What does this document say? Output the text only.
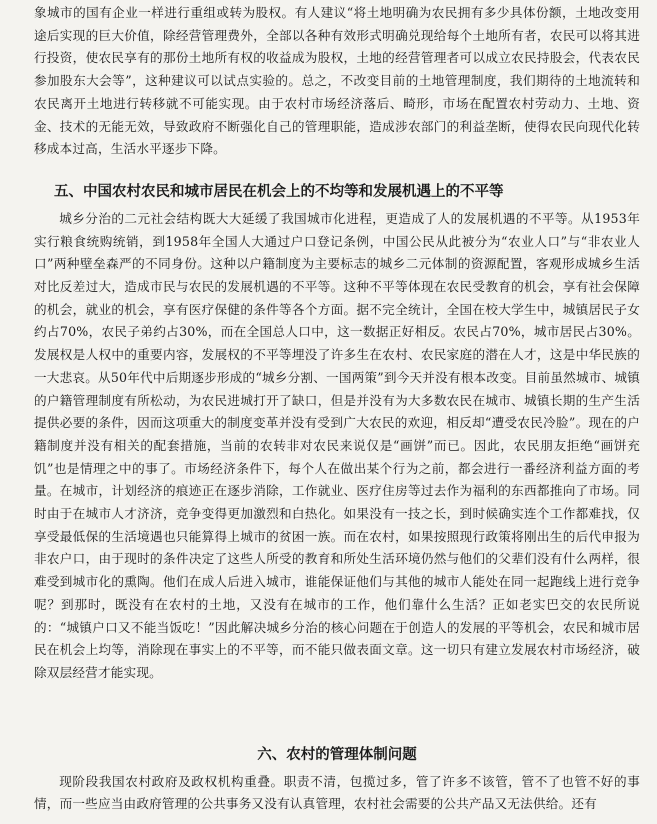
象城市的国有企业一样进行重组或转为股权。有人建议“将土地明确为农民拥有多少具体份额，土地改变用途后实现的巨大价值，除经营管理费外，全部以各种有效形式明确兑现给每个土地所有者，农民可以将其进行投资，使农民享有的那份土地所有权的收益成为股权，土地的经营管理者可以成立农民持股会，代表农民参加股东大会等”，这种建议可以试点实验的。总之，不改变目前的土地管理制度，我们期待的土地流转和农民离开土地进行转移就不可能实现。由于农村市场经济落后、畸形，市场在配置农村劳动力、土地、资金、技术的无能无效，导致政府不断强化自己的管理职能，造成涉农部门的利益垄断，使得农民向现代化转移成本过高，生活水平逐步下降。

五、中国农村农民和城市居民在机会上的不均等和发展机遇上的不平等

城乡分治的二元社会结构既大大延缓了我国城市化进程，更造成了人的发展机遇的不平等。从1953年实行粮食统购统销，到1958年全国人大通过户口登记条例，中国公民从此被分为“农业人口”与“非农业人口”两种壁垒森严的不同身份。这种以户籍制度为主要标志的城乡二元体制的资源配置，客观形成城乡生活对比反差过大，造成市民与农民的发展机遇的不平等。这种不平等体现在农民受教育的机会，享有社会保障的机会，就业的机会，享有医疗保健的条件等各个方面。据不完全统计，全国在校大学生中，城镇居民子女约占70%，农民子弟约占30%，而在全国总人口中，这一数据正好相反。农民占70%，城市居民占30%。发展权是人权中的重要内容，发展权的不平等埋没了许多生在农村、农民家庭的潜在人才，这是中华民族的一大悲哀。从50年代中后期逐步形成的“城乡分割、一国两策”到今天并没有根本改变。目前虽然城市、城镇的户籍管理制度有所松动，为农民进城打开了缺口，但是并没有为大多数农民在城市、城镇长期的生产生活提供必要的条件，因而这项重大的制度变革并没有受到广大农民的欢迎，相反却“遭受农民冷脸”。现在的户籍制度并没有相关的配套措施，当前的农转非对农民来说仅是“画饼”而已。因此，农民朋友拒绝“画饼充饥”也是情理之中的事了。市场经济条件下，每个人在做出某个行为之前，都会进行一番经济利益方面的考量。在城市，计划经济的痕迹正在逐步消除，工作就业、医疗住房等过去作为福利的东西都推向了市场。同时由于在城市人才济济，竞争变得更加激烈和白热化。如果没有一技之长，到时候确实连个工作都难找，仅享受最低保的生活境遇也只能算得上城市的贫困一族。而在农村，如果按照现行政策将刚出生的后代申报为非农户口，由于现时的条件决定了这些人所受的教育和所处生活环境仍然与他们的父辈们没有什么两样，很难受到城市化的熏陶。他们在成人后进入城市，谁能保证他们与其他的城市人能处在同一起跑线上进行竞争呢？到那时，既没有在农村的土地，又没有在城市的工作，他们靠什么生活？正如老实巴交的农民所说的：“城镇户口又不能当饭吃！”因此解决城乡分治的核心问题在于创造人的发展的平等机会，农民和城市居民在机会上均等，消除现在事实上的不平等，而不能只做表面文章。这一切只有建立发展农村市场经济，破除双层经营才能实现。

六、农村的管理体制问题

现阶段我国农村政府及政权机构重叠。职责不清，包揽过多，管了许多不该管，管不了也管不好的事情，而一些应当由政府管理的公共事务又没有认真管理，农村社会需要的公共产品又无法供给。还有
